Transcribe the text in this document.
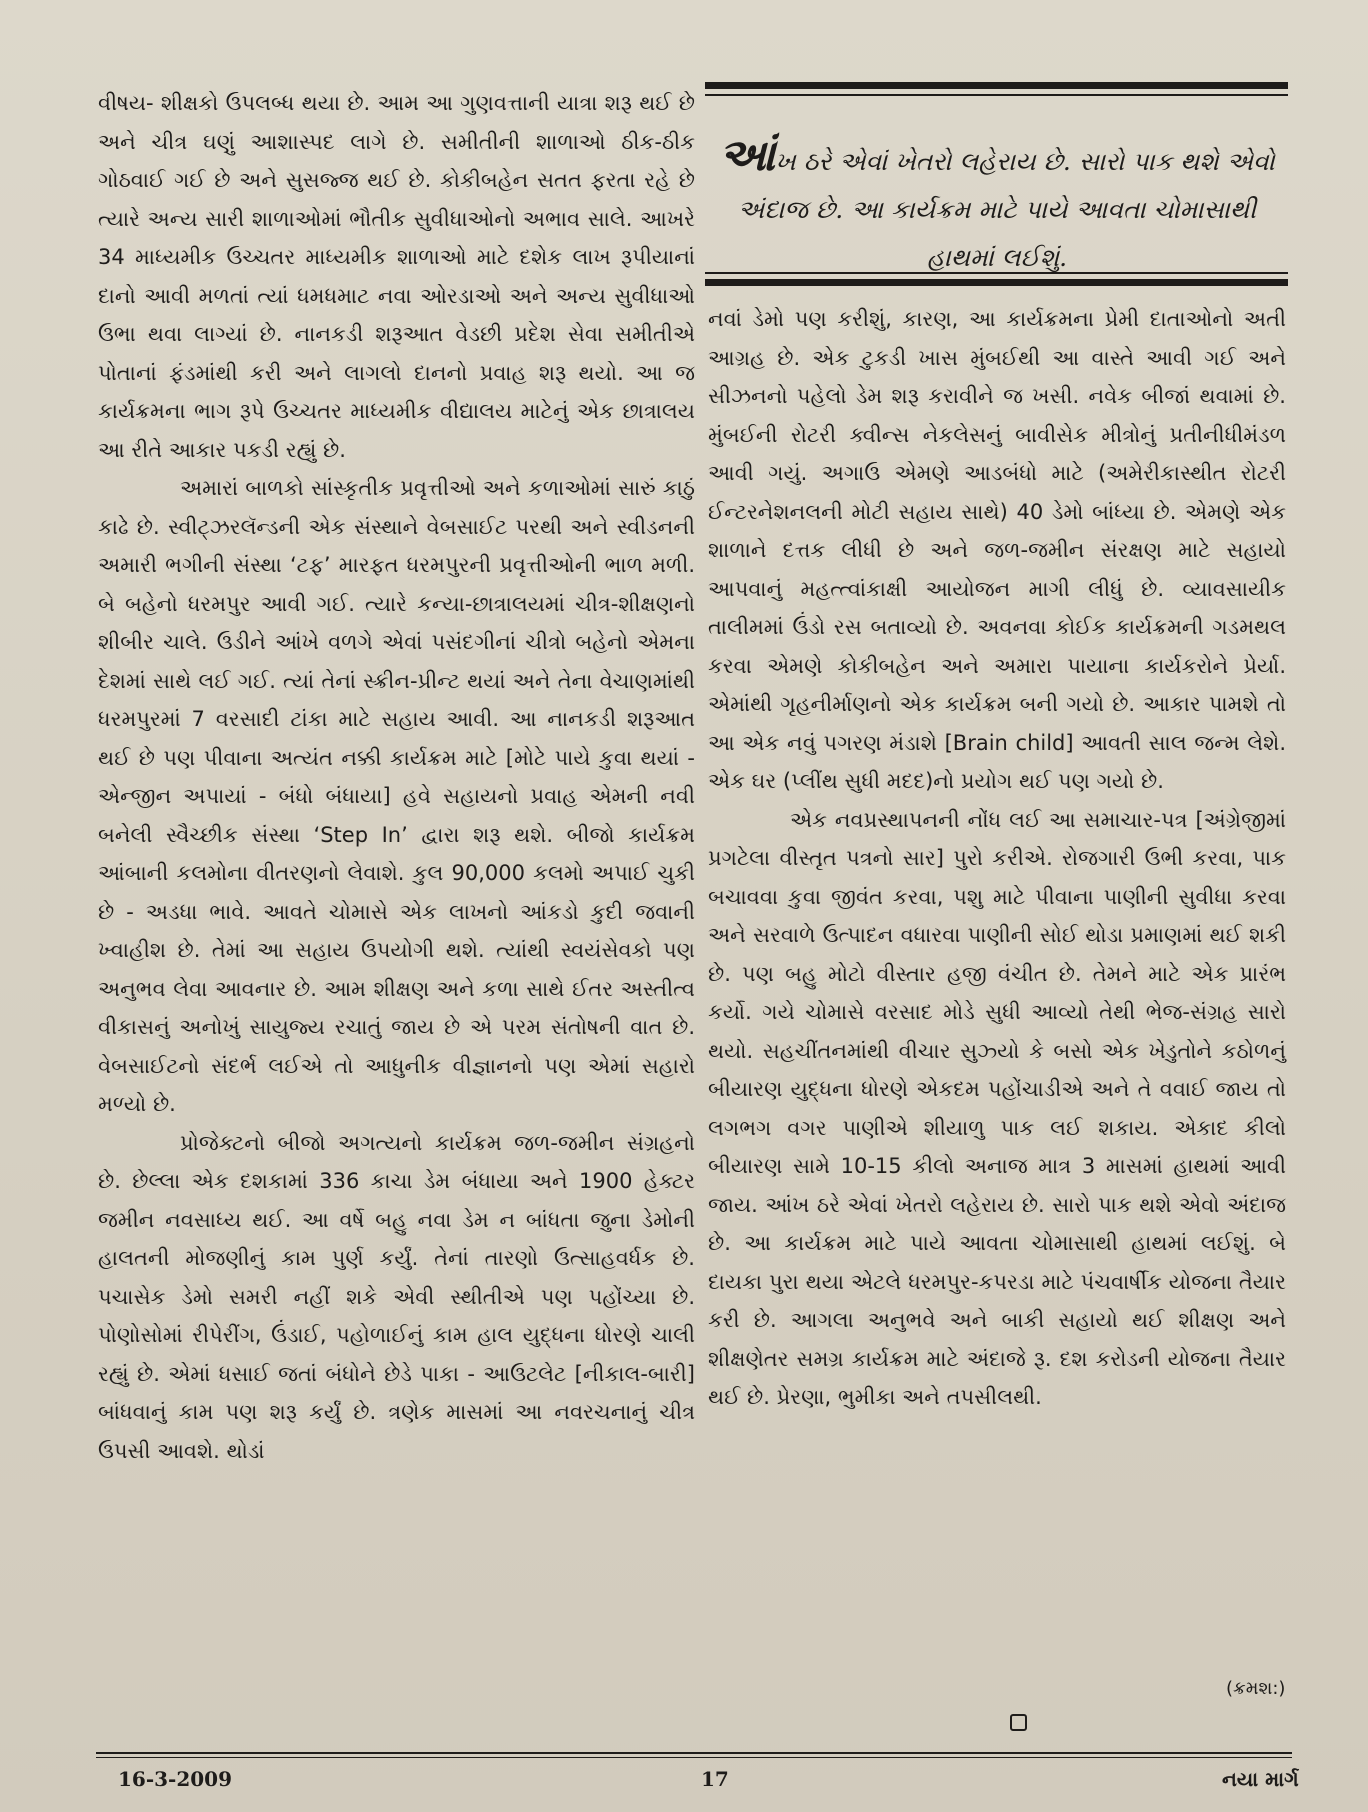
વીષય- શીક્ષકો ઉપલબ્ધ થયા છે. આમ આ ગુણવત્તાની યાત્રા શરૂ થઈ છે અને ચીત્ર ઘણું આશાસ્પદ લાગે છે. સમીતીની શાળાઓ ઠીક-ઠીક ગોઠવાઈ ગઈ છે અને સુસજ્જ થઈ છે. કોકીબહેન સતત ફરતા રહે છે ત્યારે અન્ય સારી શાળાઓમાં ભૌતીક સુવીધાઓનો અભાવ સાલે. આખરે 34 માધ્યમીક ઉચ્ચતર માધ્યમીક શાળાઓ માટે દશેક લાખ રૂપીયાનાં દાનો આવી મળતાં ત્યાં ધમધમાટ નવા ઓરડાઓ અને અન્ય સુવીધાઓ ઉભા થવા લાગ્યાં છે. નાનકડી શરૂઆત વેડછી પ્રદેશ સેવા સમીતીએ પોતાનાં ફંડમાંથી કરી અને લાગલો દાનનો પ્રવાહ શરૂ થયો. આ જ કાર્યક્રમના ભાગ રૂપે ઉચ્ચતર માધ્યમીક વીદ્યાલય માટેનું એક છાત્રાલય આ રીતે આકાર પકડી રહ્યું છે.

અમારાં બાળકો સાંસ્કૃતીક પ્રવૃત્તીઓ અને કળાઓમાં સારું કાઠું કાઢે છે. સ્વીટ્ઝરલૅન્ડની એક સંસ્થાને વેબસાઈટ પરથી અને સ્વીડનની અમારી ભગીની સંસ્થા ‘ટફ’ મારફત ધરમપુરની પ્રવૃત્તીઓની ભાળ મળી. બે બહેનો ધરમપુર આવી ગઈ. ત્યારે કન્યા-છાત્રાલયમાં ચીત્ર-શીક્ષણનો શીબીર ચાલે. ઉડીને આંખે વળગે એવાં પસંદગીનાં ચીત્રો બહેનો એમના દેશમાં સાથે લઈ ગઈ. ત્યાં તેનાં સ્ક્રીન-પ્રીન્ટ થયાં અને તેના વેચાણમાંથી ધરમપુરમાં 7 વરસાદી ટાંકા માટે સહાય આવી. આ નાનકડી શરૂઆત થઈ છે પણ પીવાના અત્યંત નક્કી કાર્યક્રમ માટે [મોટે પાયે કુવા થયાં - એન્જીન અપાયાં - બંધો બંધાયા] હવે સહાયનો પ્રવાહ એમની નવી બનેલી સ્વૈચ્છીક સંસ્થા ‘Step In’ દ્વારા શરૂ થશે. બીજો કાર્યક્રમ આંબાની કલમોના વીતરણનો લેવાશે. કુલ 90,000 કલમો અપાઈ ચુકી છે - અડધા ભાવે. આવતે ચોમાસે એક લાખનો આંકડો કુદી જવાની ખ્વાહીશ છે. તેમાં આ સહાય ઉપયોગી થશે. ત્યાંથી સ્વયંસેવકો પણ અનુભવ લેવા આવનાર છે. આમ શીક્ષણ અને કળા સાથે ઈતર અસ્તીત્વ વીકાસનું અનોખું સાયુજ્ય રચાતું જાય છે એ પરમ સંતોષની વાત છે. વેબસાઈટનો સંદર્ભ લઈએ તો આધુનીક વીજ્ઞાનનો પણ એમાં સહારો મળ્યો છે.

પ્રોજેક્ટનો બીજો અગત્યનો કાર્યક્રમ જળ-જમીન સંગ્રહનો છે. છેલ્લા એક દશકામાં 336 કાચા ડેમ બંધાયા અને 1900 હેક્ટર જમીન નવસાધ્ય થઈ. આ વર્ષે બહુ નવા ડેમ ન બાંધતા જુના ડેમોની હાલતની મોજણીનું કામ પુર્ણ કર્યું. તેનાં તારણો ઉત્સાહવર્ધક છે. પચાસેક ડેમો સમરી નહીં શકે એવી સ્થીતીએ પણ પહોંચ્યા છે. પોણોસોમાં રીપેરીંગ, ઉંડાઈ, પહોળાઈનું કામ હાલ યુદ્ધના ધોરણે ચાલી રહ્યું છે. એમાં ધસાઈ જતાં બંધોને છેડે પાકા - આઉટલેટ [નીકાલ-બારી] બાંધવાનું કામ પણ શરૂ કર્યું છે. ત્રણેક માસમાં આ નવરચનાનું ચીત્ર ઉપસી આવશે. થોડાં

આંખ ઠરે એવાં ખેતરો લહેરાય છે. સારો પાક થશે એવો અંદાજ છે. આ કાર્યક્રમ માટે પાયે આવતા ચોમાસાથી હાથમાં લઈશું.

નવાં ડેમો પણ કરીશું, કારણ, આ કાર્યક્રમના પ્રેમી દાતાઓનો અતી આગ્રહ છે. એક ટુકડી ખાસ મુંબઈથી આ વાસ્તે આવી ગઈ અને સીઝનનો પહેલો ડેમ શરૂ કરાવીને જ ખસી. નવેક બીજાં થવામાં છે. મુંબઈની રોટરી ક્વીન્સ નેકલેસનું બાવીસેક મીત્રોનું પ્રતીનીધીમંડળ આવી ગયું. અગાઉ એમણે આડબંધો માટે (અમેરીકાસ્થીત રોટરી ઈન્ટરનેશનલની મોટી સહાય સાથે) 40 ડેમો બાંધ્યા છે. એમણે એક શાળાને દત્તક લીધી છે અને જળ-જમીન સંરક્ષણ માટે સહાયો આપવાનું મહત્ત્વાંકાક્ષી આયોજન માગી લીધું છે. વ્યાવસાયીક તાલીમમાં ઉંડો રસ બતાવ્યો છે. અવનવા કોઈક કાર્યક્રમની ગડમથલ કરવા એમણે કોકીબહેન અને અમારા પાયાના કાર્યકરોને પ્રેર્યા. એમાંથી ગૃહનીર્માણનો એક કાર્યક્રમ બની ગયો છે. આકાર પામશે તો આ એક નવું પગરણ મંડાશે [Brain child] આવતી સાલ જન્મ લેશે. એક ઘર (પ્લીંથ સુધી મદદ)નો પ્રયોગ થઈ પણ ગયો છે.

એક નવપ્રસ્થાપનની નોંધ લઈ આ સમાચાર-પત્ર [અંગ્રેજીમાં પ્રગટેલા વીસ્તૃત પત્રનો સાર] પુરો કરીએ. રોજગારી ઉભી કરવા, પાક બચાવવા કુવા જીવંત કરવા, પશુ માટે પીવાના પાણીની સુવીધા કરવા અને સરવાળે ઉત્પાદન વધારવા પાણીની સોઈ થોડા પ્રમાણમાં થઈ શકી છે. પણ બહુ મોટો વીસ્તાર હજી વંચીત છે. તેમને માટે એક પ્રારંભ કર્યો. ગયે ચોમાસે વરસાદ મોડે સુધી આવ્યો તેથી ભેજ-સંગ્રહ સારો થયો. સહચીંતનમાંથી વીચાર સુઝ્યો કે બસો એક ખેડુતોને કઠોળનું બીયારણ યુદ્ધના ધોરણે એકદમ પહોંચાડીએ અને તે વવાઈ જાય તો લગભગ વગર પાણીએ શીયાળુ પાક લઈ શકાય. એકાદ કીલો બીયારણ સામે 10-15 કીલો અનાજ માત્ર 3 માસમાં હાથમાં આવી જાય. આંખ ઠરે એવાં ખેતરો લહેરાય છે. સારો પાક થશે એવો અંદાજ છે. આ કાર્યક્રમ માટે પાયે આવતા ચોમાસાથી હાથમાં લઈશું. બે દાયકા પુરા થયા એટલે ધરમપુર-કપરડા માટે પંચવાર્ષીક યોજના તૈયાર કરી છે. આગલા અનુભવે અને બાકી સહાયો થઈ શીક્ષણ અને શીક્ષણેતર સમગ્ર કાર્યક્રમ માટે અંદાજે રૂ. દશ કરોડની યોજના તૈયાર થઈ છે. પ્રેરણા, ભુમીકા અને તપસીલથી.

(ક્રમશ:)
16-3-2009	17	નયા માર્ગ
